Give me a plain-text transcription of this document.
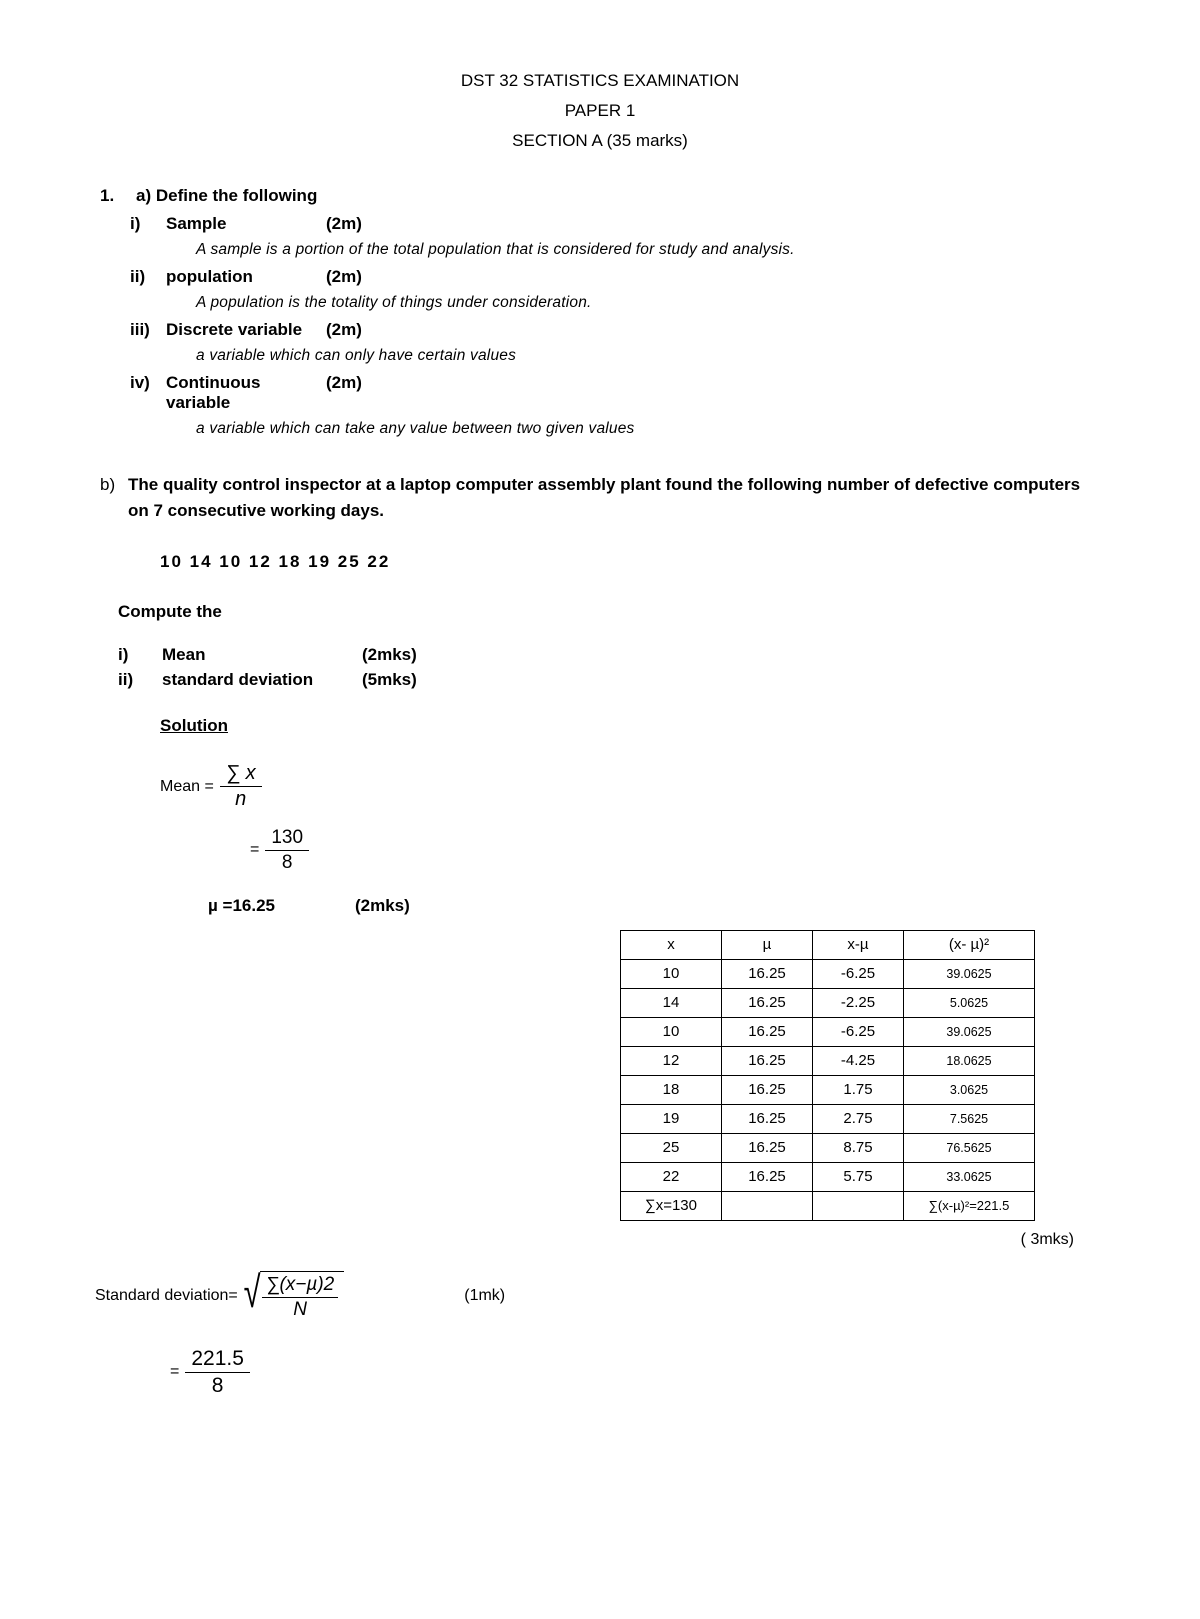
DST 32 STATISTICS EXAMINATION
PAPER 1
SECTION A (35 marks)
1.	a) Define the following
i)	Sample	(2m)
A sample is a portion of the total population that is considered for study and analysis.
ii)	population	(2m)
A population is the totality of things under consideration.
iii) Discrete variable	(2m)
a variable which can only have certain values
iv) Continuous variable
(2m)
a variable which can take any value between two given values
b) The quality control inspector at a laptop computer assembly plant found the following number of defective computers on 7 consecutive working days.
10 14 10 12 18 19 25 22
Compute the
i)	Mean	(2mks)
ii)	standard deviation	(5mks)
Solution
Mean = $\frac{\sum x}{n}$
= $\frac{130}{8}$
µ =16.25	(2mks)
x	µ	x-µ	(x- µ)²
10	16.25	-6.25	39.0625
14	16.25	-2.25	5.0625
10	16.25	-6.25	39.0625
12	16.25	-4.25	18.0625
18	16.25	1.75	3.0625
19	16.25	2.75	7.5625
25	16.25	8.75	76.5625
22	16.25	5.75	33.0625
∑x=130			∑(x-µ)²=221.5
( 3mks)
Standard deviation= √ $\frac{\text{∑(x−µ)2}}{N}$	(1mk)
= $\frac{221.5}{8}$
